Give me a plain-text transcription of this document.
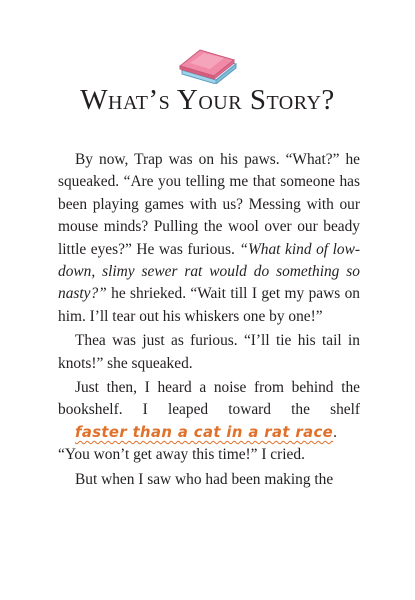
What’s Your Story?

By now, Trap was on his paws. “What?” he squeaked. “Are you telling me that someone has been playing games with us? Messing with our mouse minds? Pulling the wool over our beady little eyes?” He was furious. “What kind of low-down, slimy sewer rat would do something so nasty?” he shrieked. “Wait till I get my paws on him. I’ll tear out his whiskers one by one!”

Thea was just as furious. “I’ll tie his tail in knots!” she squeaked.

Just then, I heard a noise from behind the bookshelf. I leaped toward the shelf faster than a cat in a rat race.
“You won’t get away this time!” I cried.

But when I saw who had been making the
